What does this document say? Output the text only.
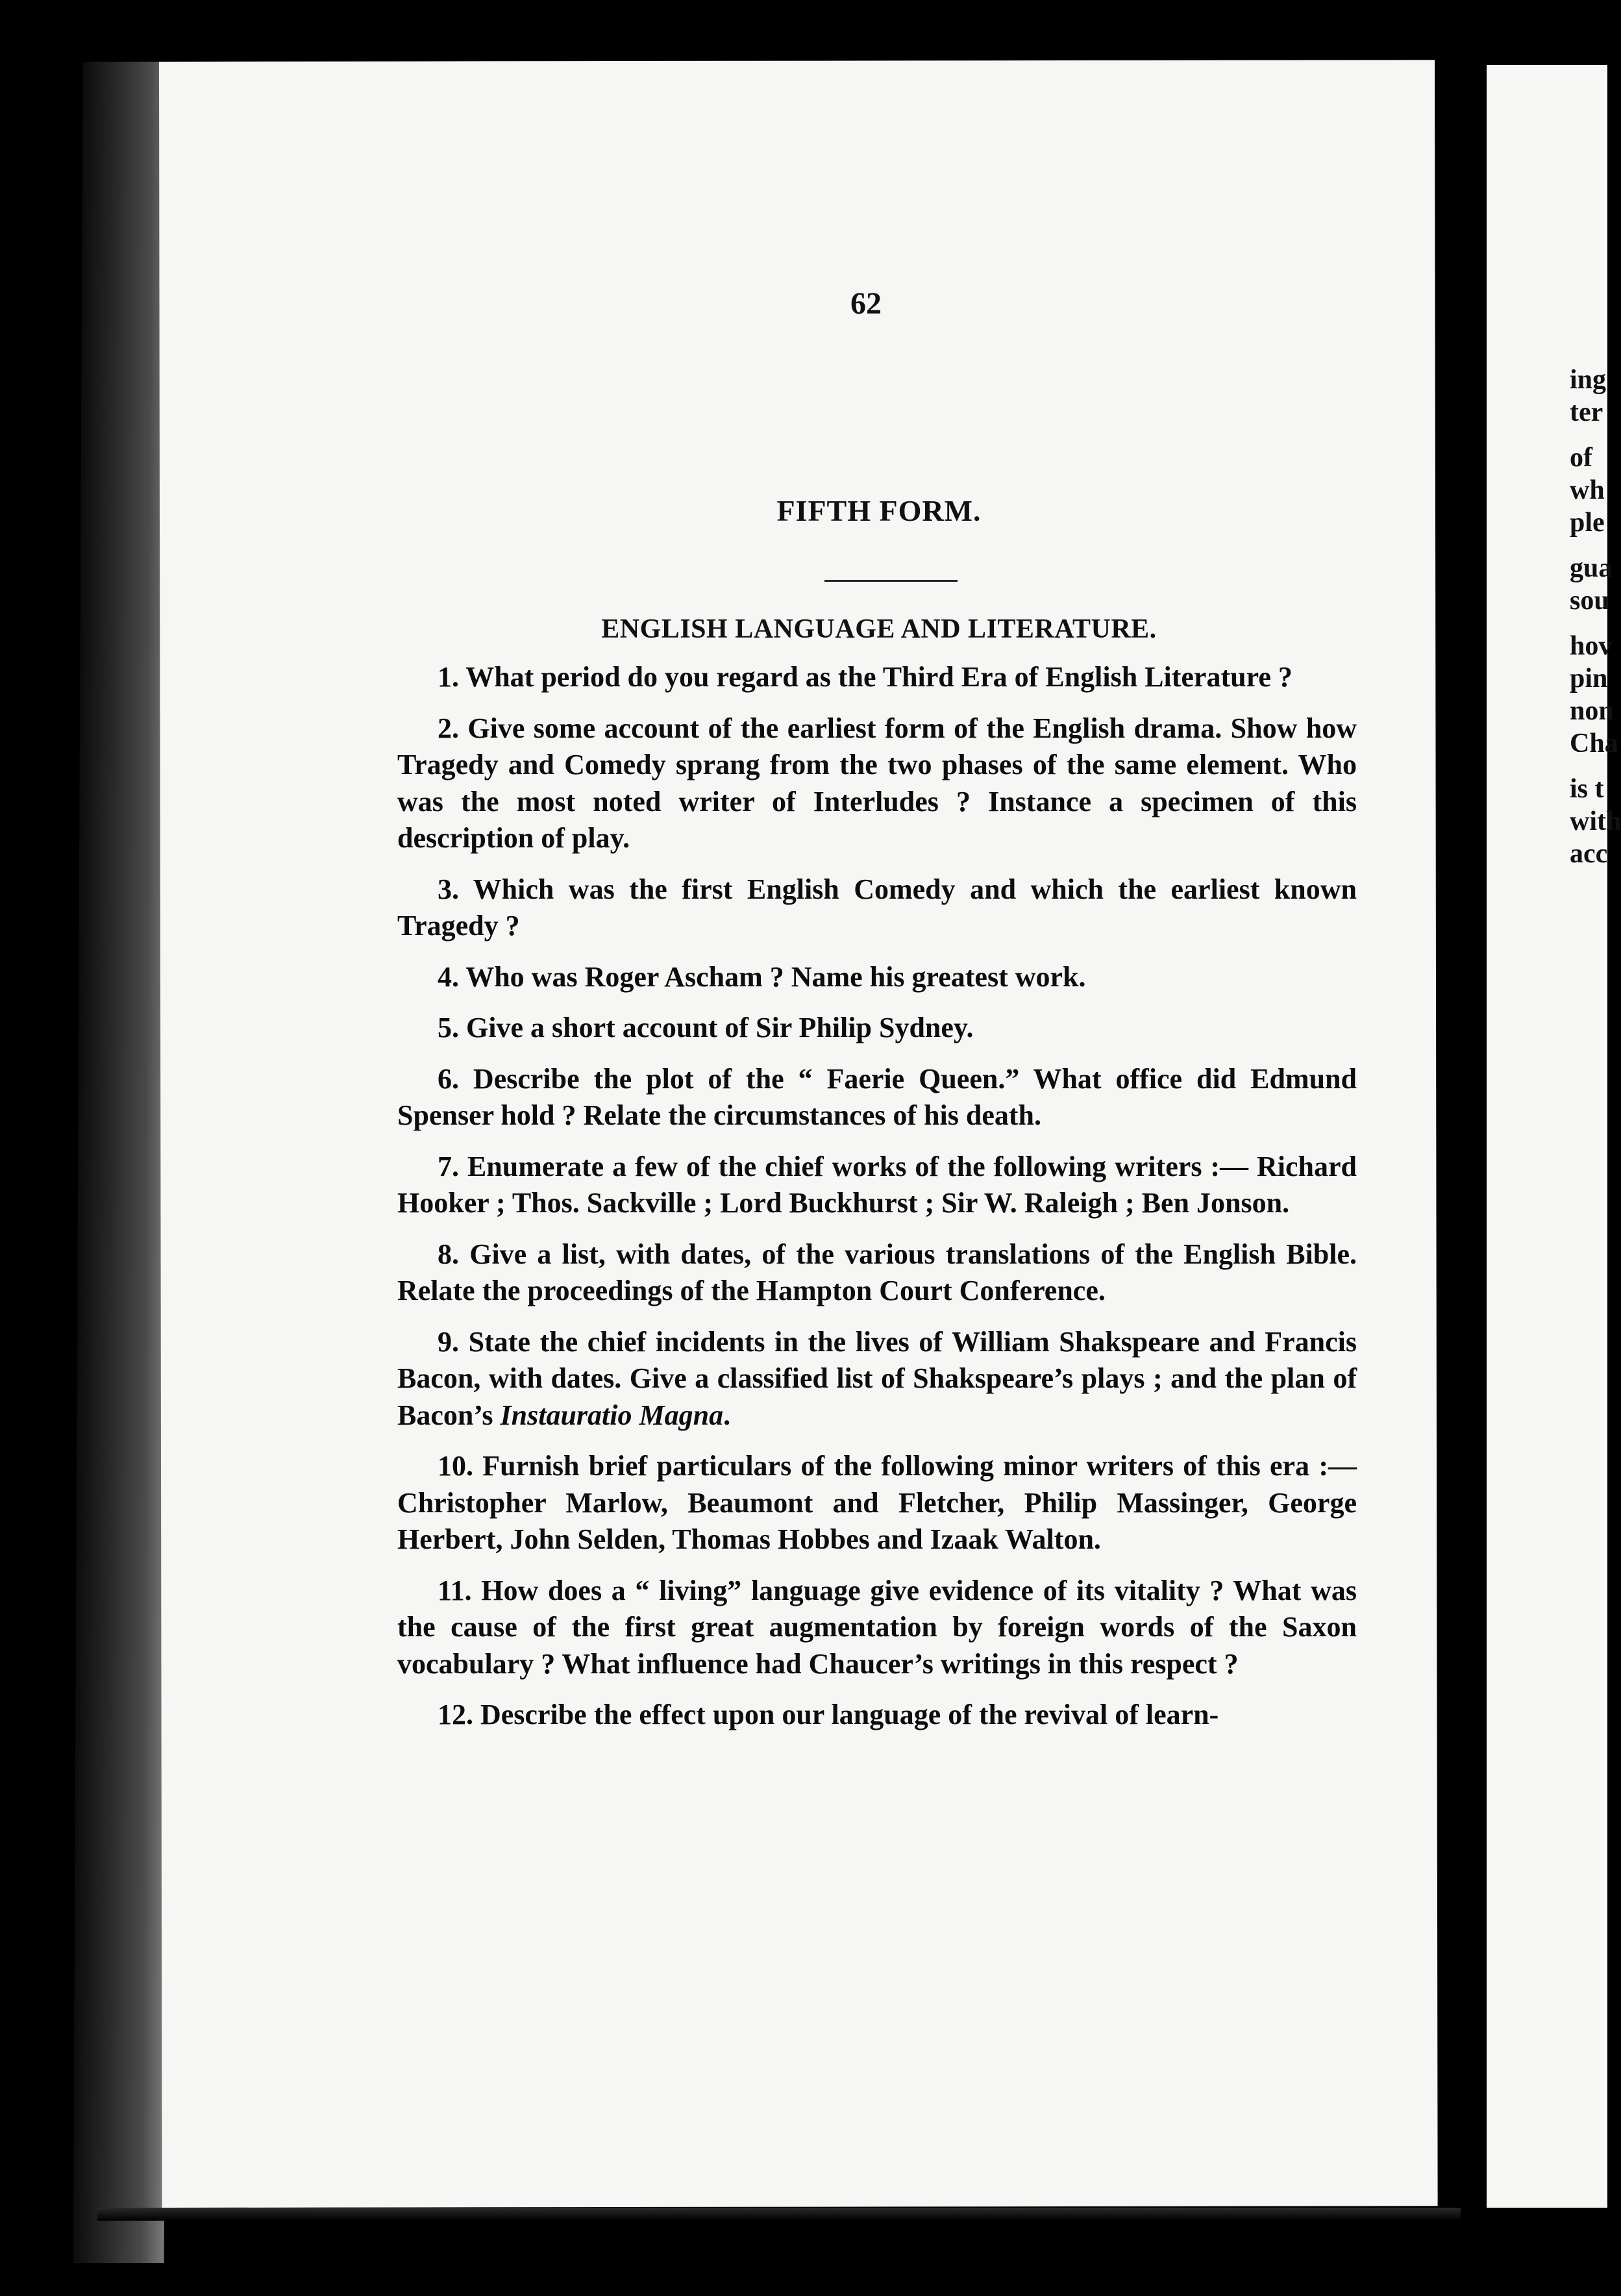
62
FIFTH FORM.
ENGLISH LANGUAGE AND LITERATURE.

1. What period do you regard as the Third Era of English Literature ?

2. Give some account of the earliest form of the English drama. Show how Tragedy and Comedy sprang from the two phases of the same element. Who was the most noted writer of Interludes ? Instance a specimen of this description of play.

3. Which was the first English Comedy and which the earliest known Tragedy ?

4. Who was Roger Ascham ? Name his greatest work.

5. Give a short account of Sir Philip Sydney.

6. Describe the plot of the “ Faerie Queen.” What office did Edmund Spenser hold ? Relate the circumstances of his death.

7. Enumerate a few of the chief works of the following writers :— Richard Hooker ; Thos. Sackville ; Lord Buckhurst ; Sir W. Raleigh ; Ben Jonson.

8. Give a list, with dates, of the various translations of the English Bible. Relate the proceedings of the Hampton Court Conference.

9. State the chief incidents in the lives of William Shakspeare and Francis Bacon, with dates. Give a classified list of Shakspeare’s plays ; and the plan of Bacon’s Instauratio Magna.

10. Furnish brief particulars of the following minor writers of this era :—Christopher Marlow, Beaumont and Fletcher, Philip Massinger, George Herbert, John Selden, Thomas Hobbes and Izaak Walton.

11. How does a “ living” language give evidence of its vitality ? What was the cause of the first great augmentation by foreign words of the Saxon vocabulary ? What influence had Chaucer’s writings in this respect ?

12. Describe the effect upon our language of the revival of learn-

ing
ter
of
wh
ple
gua
sou
hov
pin
non
Cha
is t
with
acc
